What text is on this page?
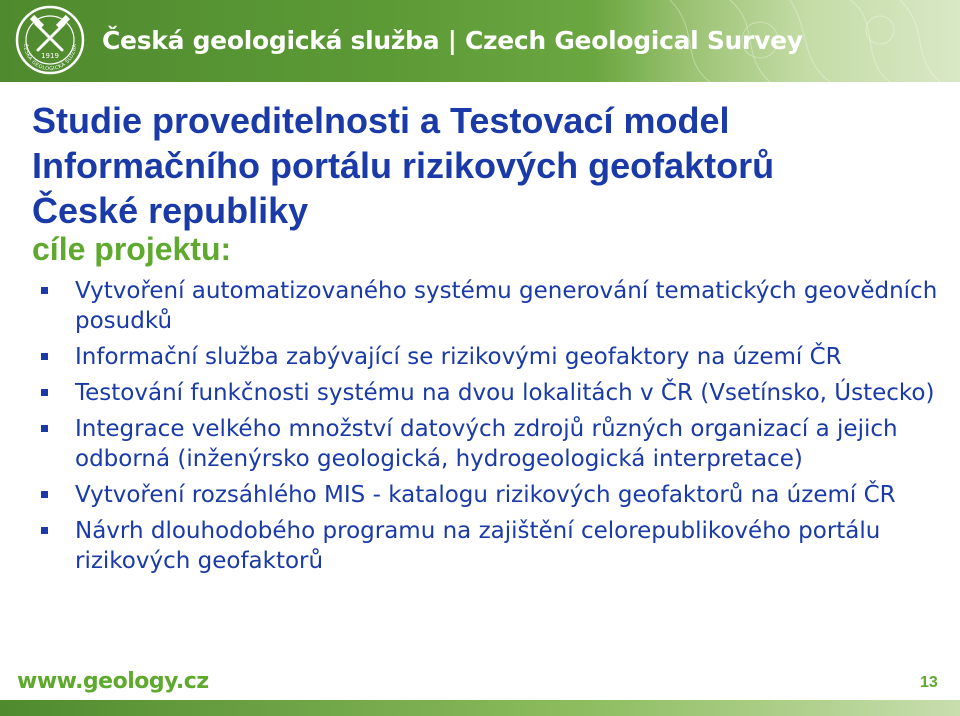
1919
ČESKÁ GEOLOGICKÁ SLUŽBA Česká geologická služba | Czech Geological Survey
Studie proveditelnosti a Testovací model
Informačního portálu rizikových geofaktorů
České republiky
cíle projektu:
Vytvoření automatizovaného systému generování tematických geovědních posudků
Informační služba zabývající se rizikovými geofaktory na území ČR
Testování funkčnosti systému na dvou lokalitách v ČR (Vsetínsko, Ústecko)
Integrace velkého množství datových zdrojů různých organizací a jejich odborná (inženýrsko geologická, hydrogeologická interpretace)
Vytvoření rozsáhlého MIS - katalogu rizikových geofaktorů na území ČR
Návrh dlouhodobého programu na zajištění celorepublikového portálu rizikových geofaktorů
www.geology.cz	13
